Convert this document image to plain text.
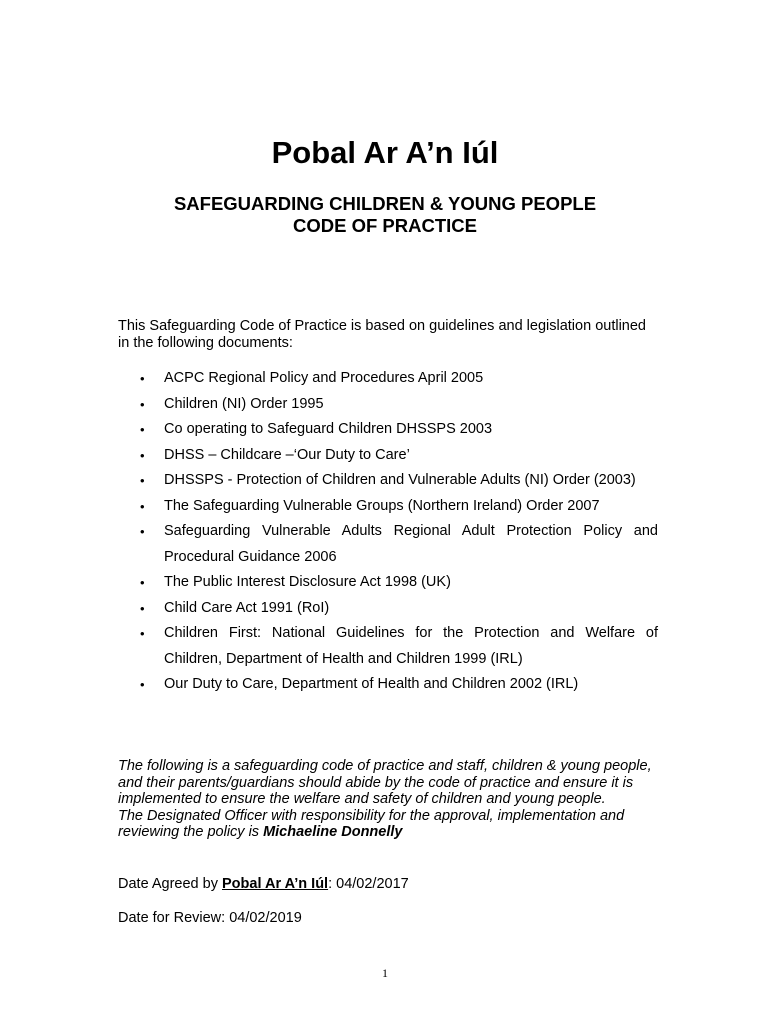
Pobal Ar A’n Iúl
SAFEGUARDING CHILDREN & YOUNG PEOPLE
CODE OF PRACTICE
This Safeguarding Code of Practice is based on guidelines and legislation outlined in the following documents:
• ACPC Regional Policy and Procedures April 2005
• Children (NI) Order 1995
• Co operating to Safeguard Children DHSSPS 2003
• DHSS – Childcare –‘Our Duty to Care’
• DHSSPS - Protection of Children and Vulnerable Adults (NI) Order (2003)
• The Safeguarding Vulnerable Groups (Northern Ireland) Order 2007
• Safeguarding Vulnerable Adults Regional Adult Protection Policy and Procedural Guidance 2006
• The Public Interest Disclosure Act 1998 (UK)
• Child Care Act 1991 (RoI)
• Children First: National Guidelines for the Protection and Welfare of Children, Department of Health and Children 1999 (IRL)
• Our Duty to Care, Department of Health and Children 2002 (IRL)

The following is a safeguarding code of practice and staff, children & young people, and their parents/guardians should abide by the code of practice and ensure it is implemented to ensure the welfare and safety of children and young people.

The Designated Officer with responsibility for the approval, implementation and reviewing the policy is Michaeline Donnelly

Date Agreed by Pobal Ar A’n Iúl: 04/02/2017
Date for Review: 04/02/2019
1
